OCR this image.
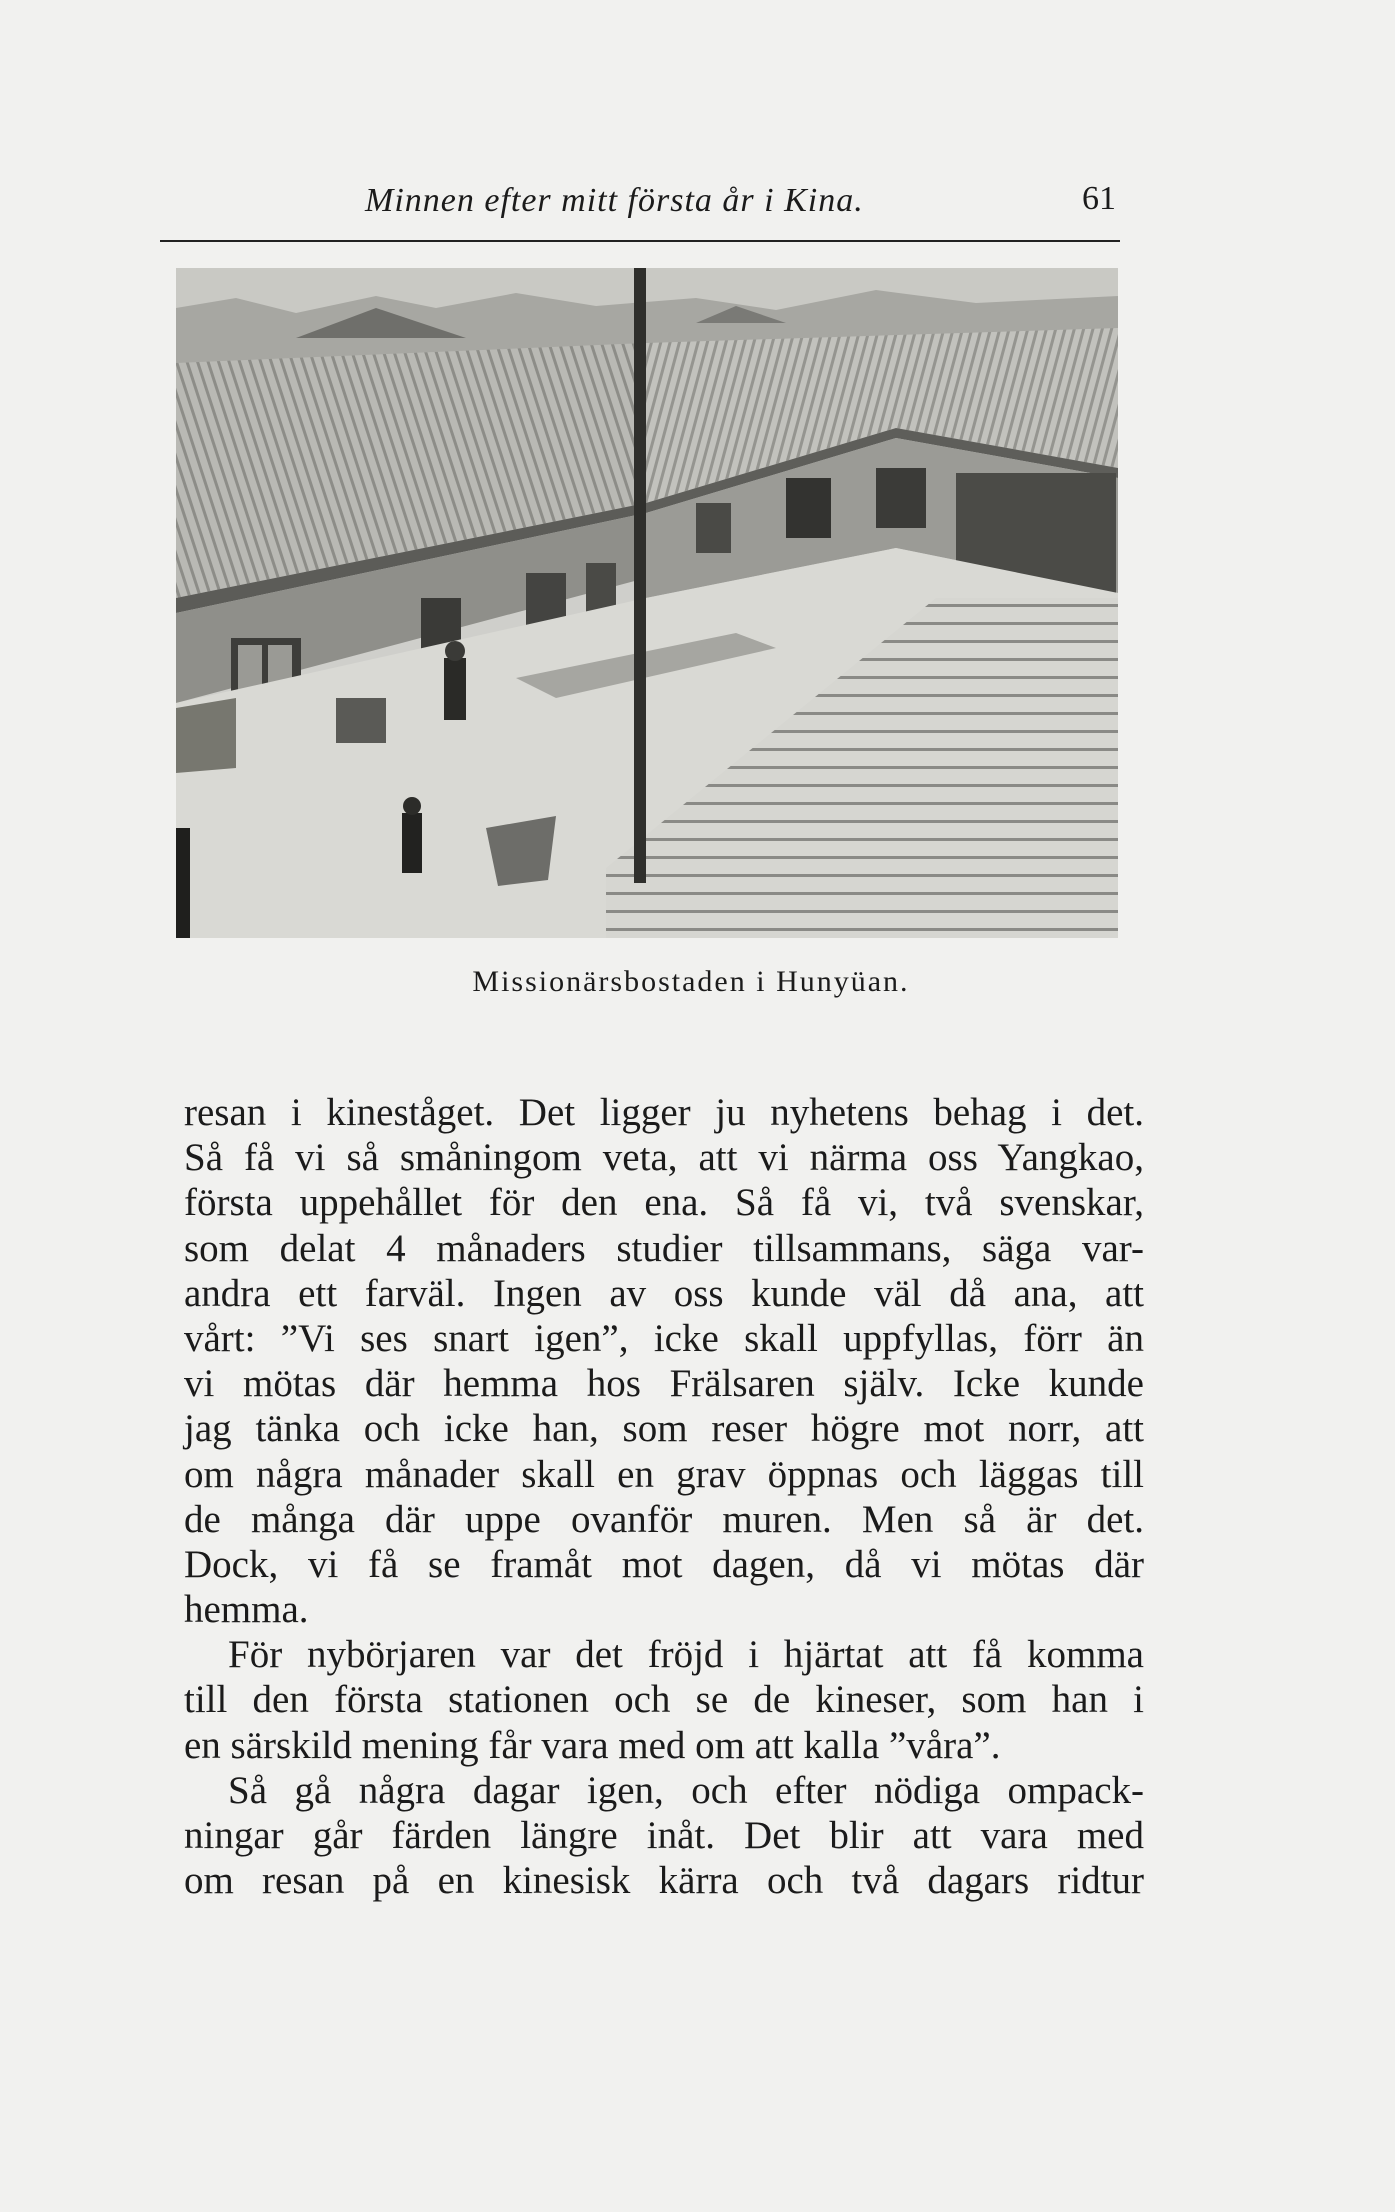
Minnen efter mitt första år i Kina.	61
Missionärsbostaden i Hunyüan.
resan i kineståget. Det ligger ju nyhetens behag i det.
Så få vi så småningom veta, att vi närma oss Yangkao,
första uppehållet för den ena. Så få vi, två svenskar,
som delat 4 månaders studier tillsammans, säga var-
andra ett farväl. Ingen av oss kunde väl då ana, att
vårt: ”Vi ses snart igen”, icke skall uppfyllas, förr än
vi mötas där hemma hos Frälsaren själv. Icke kunde
jag tänka och icke han, som reser högre mot norr, att
om några månader skall en grav öppnas och läggas till
de många där uppe ovanför muren. Men så är det.
Dock, vi få se framåt mot dagen, då vi mötas där
hemma.
För nybörjaren var det fröjd i hjärtat att få komma
till den första stationen och se de kineser, som han i
en särskild mening får vara med om att kalla ”våra”.
Så gå några dagar igen, och efter nödiga ompack-
ningar går färden längre inåt. Det blir att vara med
om resan på en kinesisk kärra och två dagars ridtur
